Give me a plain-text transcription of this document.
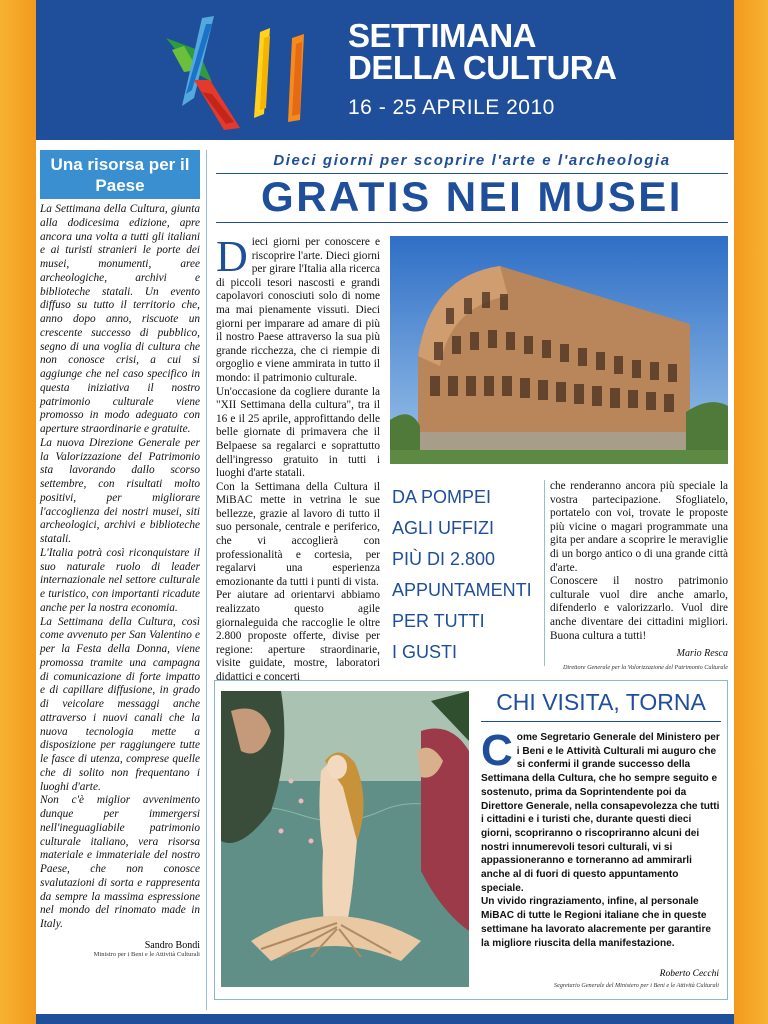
SETTIMANA
DELLA CULTURA
16 - 25 APRILE 2010
Una risorsa per il Paese

La Settimana della Cultura, giunta alla dodicesima edizione, apre ancora una volta a tutti gli italiani e ai turisti stranieri le porte dei musei, monumenti, aree archeologiche, archivi e biblioteche statali. Un evento diffuso su tutto il territorio che, anno dopo anno, riscuote un crescente successo di pubblico, segno di una voglia di cultura che non conosce crisi, a cui si aggiunge che nel caso specifico in questa iniziativa il nostro patrimonio culturale viene promosso in modo adeguato con aperture straordinarie e gratuite.

La nuova Direzione Generale per la Valorizzazione del Patrimonio sta lavorando dallo scorso settembre, con risultati molto positivi, per migliorare l'accoglienza dei nostri musei, siti archeologici, archivi e biblioteche statali.

L'Italia potrà così riconquistare il suo naturale ruolo di leader internazionale nel settore culturale e turistico, con importanti ricadute anche per la nostra economia.

La Settimana della Cultura, così come avvenuto per San Valentino e per la Festa della Donna, viene promossa tramite una campagna di comunicazione di forte impatto e di capillare diffusione, in grado di veicolare messaggi anche attraverso i nuovi canali che la nuova tecnologia mette a disposizione per raggiungere tutte le fasce di utenza, comprese quelle che di solito non frequentano i luoghi d'arte.

Non c'è miglior avvenimento dunque per immergersi nell'ineguagliabile patrimonio culturale italiano, vera risorsa materiale e immateriale del nostro Paese, che non conosce svalutazioni di sorta e rappresenta da sempre la massima espressione nel mondo del rinomato made in Italy.

Sandro Bondi
Ministro per i Beni e le Attività Culturali
Dieci giorni per scoprire l'arte e l'archeologia
GRATIS NEI MUSEI
D ieci giorni per conoscere e riscoprire l'arte. Dieci giorni per girare l'Italia alla ricerca di piccoli tesori nascosti e grandi capolavori conosciuti solo di nome ma mai pienamente vissuti. Dieci giorni per imparare ad amare di più il nostro Paese attraverso la sua più grande ricchezza, che ci riempie di orgoglio e viene ammirata in tutto il mondo: il patrimonio culturale.
Un'occasione da cogliere durante la "XII Settimana della cultura", tra il 16 e il 25 aprile, approfittando delle belle giornate di primavera che il Belpaese sa regalarci e soprattutto dell'ingresso gratuito in tutti i luoghi d'arte statali.
Con la Settimana della Cultura il MiBAC mette in vetrina le sue bellezze, grazie al lavoro di tutto il suo personale, centrale e periferico, che vi accoglierà con professionalità e cortesia, per regalarvi una esperienza emozionante da tutti i punti di vista.
Per aiutare ad orientarvi abbiamo realizzato questo agile giornaleguida che raccoglie le oltre 2.800 proposte offerte, divise per regione: aperture straordinarie, visite guidate, mostre, laboratori didattici e concerti
DA POMPEI
AGLI UFFIZI
PIÙ DI 2.800
APPUNTAMENTI
PER TUTTI
I GUSTI

che renderanno ancora più speciale la vostra partecipazione. Sfogliatelo, portatelo con voi, trovate le proposte più vicine o magari programmate una gita per andare a scoprire le meraviglie di un borgo antico o di una grande città d'arte.

Conoscere il nostro patrimonio culturale vuol dire anche amarlo, difenderlo e valorizzarlo. Vuol dire anche diventare dei cittadini migliori. Buona cultura a tutti!

Mario Resca
Direttore Generale per la Valorizzazione del Patrimonio Culturale
CHI VISITA, TORNA
C ome Segretario Generale del Ministero per i Beni e le Attività Culturali mi auguro che si confermi il grande successo della Settimana della Cultura, che ho sempre seguito e sostenuto, prima da Soprintendente poi da Direttore Generale, nella consapevolezza che tutti i cittadini e i turisti che, durante questi dieci giorni, scopriranno o riscopriranno alcuni dei nostri innumerevoli tesori culturali, vi si appassioneranno e torneranno ad ammirarli anche al di fuori di questo appuntamento speciale.
Un vivido ringraziamento, infine, al personale MiBAC di tutte le Regioni italiane che in queste settimane ha lavorato alacremente per garantire la migliore riuscita della manifestazione.
Roberto Cecchi
Segretario Generale del Ministero per i Beni e le Attività Culturali
